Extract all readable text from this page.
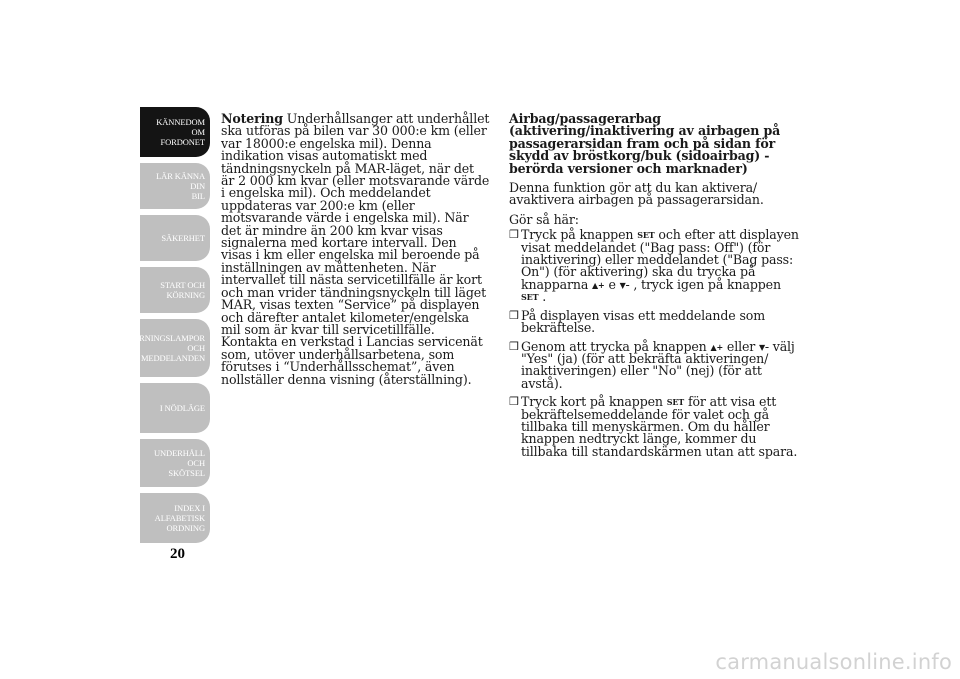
KÄNNEDOM OM
FORDONET
LÄR KÄNNA DIN
BIL
SÄKERHET
START OCH
KÖRNING
VARNINGSLAMPOR
OCH
MEDDELANDEN
I NÖDLÄGE
UNDERHÅLL OCH
SKÖTSEL
INDEX I
ALFABETISK
ORDNING
20

Notering Underhållsanger att underhållet ska utföras på bilen var 30 000:e km (eller var 18000:e engelska mil). Denna indikation visas automatiskt med tändningsnyckeln på MAR-läget, när det är 2 000 km kvar (eller motsvarande värde i engelska mil). Och meddelandet uppdateras var 200:e km (eller motsvarande värde i engelska mil). När det är mindre än 200 km kvar visas signalerna med kortare intervall. Den visas i km eller engelska mil beroende på inställningen av måttenheten. När intervallet till nästa servicetillfälle är kort och man vrider tändningsnyckeln till läget MAR, visas texten “Service” på displayen och därefter antalet kilometer/engelska mil som är kvar till servicetillfälle. Kontakta en verkstad i Lancias servicenät som, utöver underhållsarbetena, som förutses i “Underhållsschemat”, även nollställer denna visning (återställning).

Airbag/passagerarbag (aktivering/inaktivering av airbagen på passagerarsidan fram och på sidan för skydd av bröstkorg/buk (sidoairbag) - berörda versioner och marknader)

Denna funktion gör att du kan aktivera/ avaktivera airbagen på passagerarsidan.

Gör så här:

❒ Tryck på knappen SET och efter att displayen visat meddelandet ("Bag pass: Off") (för inaktivering) eller meddelandet ("Bag pass: On") (för aktivering) ska du trycka på knapparna ▲+ e ▼– , tryck igen på knappen SET .
❒ På displayen visas ett meddelande som bekräftelse.
❒ Genom att trycka på knappen ▲+ eller ▼– välj "Yes" (ja) (för att bekräfta aktiveringen/ inaktiveringen) eller "No" (nej) (för att avstå).
❒ Tryck kort på knappen SET för att visa ett bekräftelsemeddelande för valet och gå tillbaka till menyskärmen. Om du håller knappen nedtryckt länge, kommer du tillbaka till standardskärmen utan att spara.
carmanualsonline.info
